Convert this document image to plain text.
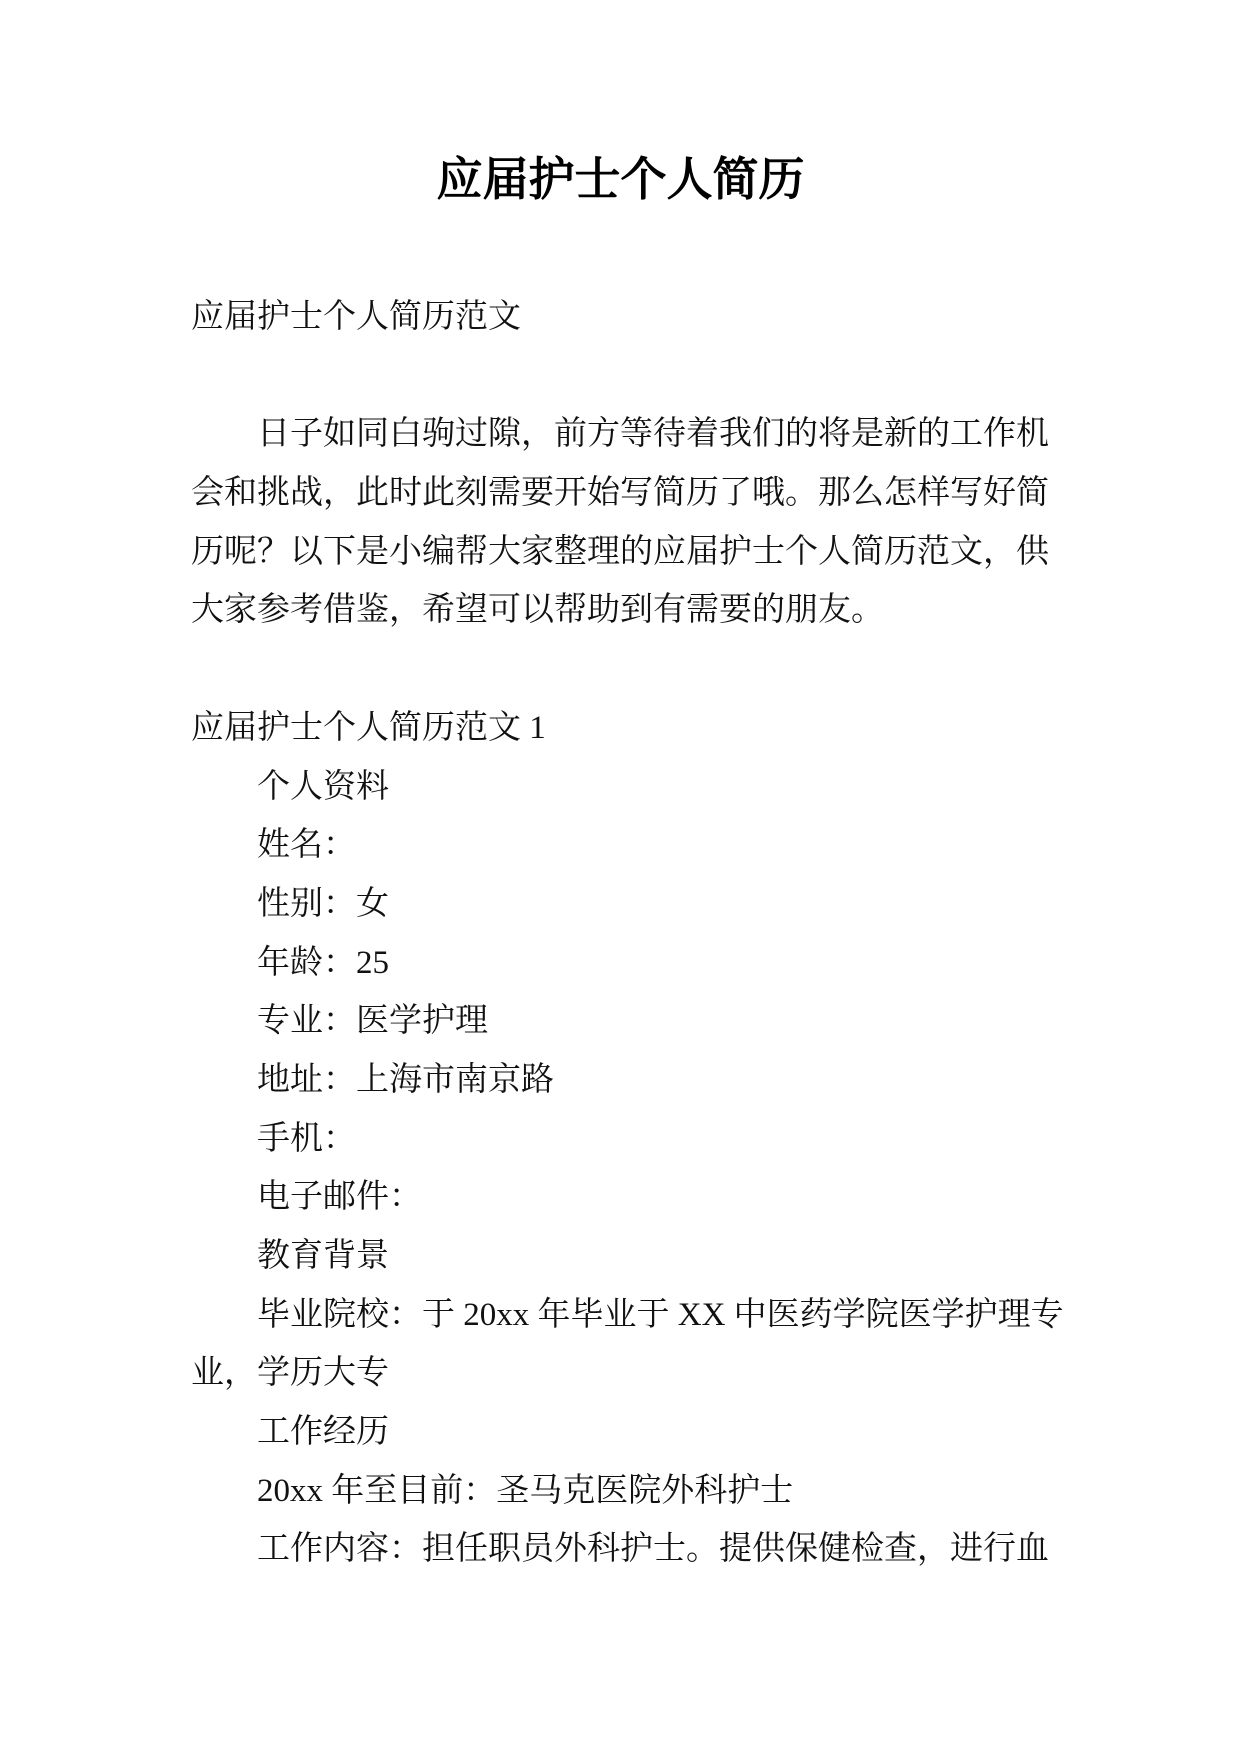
应届护士个人简历
应届护士个人简历范文
日子如同白驹过隙，前方等待着我们的将是新的工作机
会和挑战，此时此刻需要开始写简历了哦。那么怎样写好简
历呢？以下是小编帮大家整理的应届护士个人简历范文，供
大家参考借鉴，希望可以帮助到有需要的朋友。
应届护士个人简历范文 1
个人资料
姓名：
性别：女
年龄：25
专业：医学护理
地址：上海市南京路
手机：
电子邮件：
教育背景
毕业院校：于 20xx 年毕业于 XX 中医药学院医学护理专
业，学历大专
工作经历
20xx 年至目前：圣马克医院外科护士
工作内容：担任职员外科护士。提供保健检查，进行血
